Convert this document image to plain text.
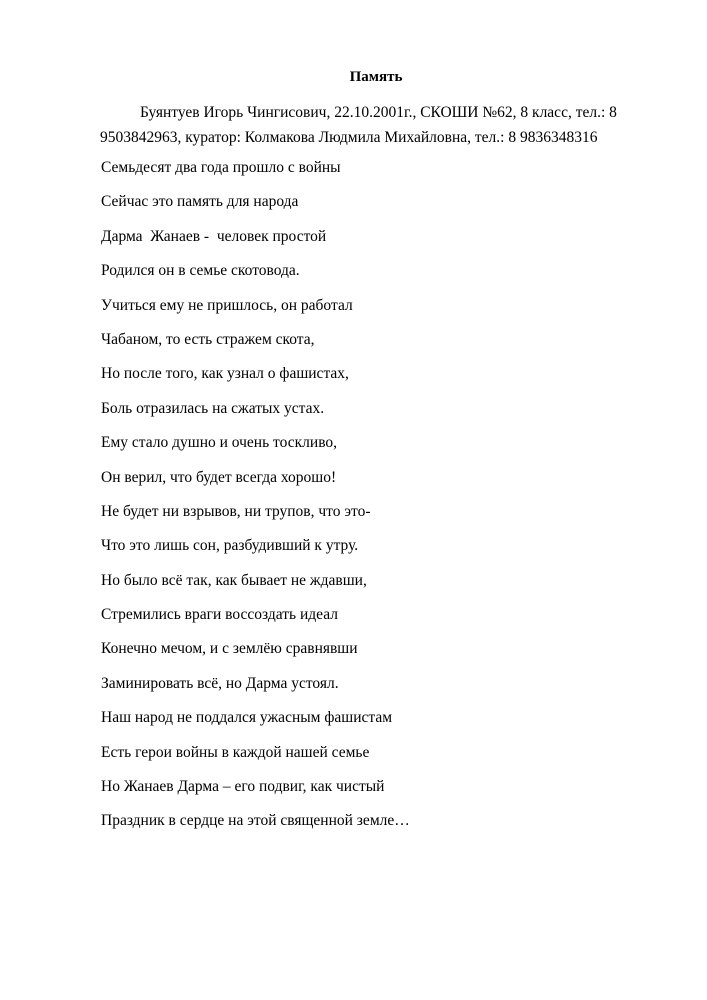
Память
Буянтуев Игорь Чингисович, 22.10.2001г., СКОШИ №62, 8 класс, тел.: 8 9503842963, куратор: Колмакова Людмила Михайловна, тел.: 8 9836348316
Семьдесят два года прошло с войны
Сейчас это память для народа
Дарма  Жанаев -  человек простой
Родился он в семье скотовода.
Учиться ему не пришлось, он работал
Чабаном, то есть стражем скота,
Но после того, как узнал о фашистах,
Боль отразилась на сжатых устах.
Ему стало душно и очень тоскливо,
Он верил, что будет всегда хорошо!
Не будет ни взрывов, ни трупов, что это-
Что это лишь сон, разбудивший к утру.
Но было всё так, как бывает не ждавши,
Стремились враги воссоздать идеал
Конечно мечом, и с землёю сравнявши
Заминировать всё, но Дарма устоял.
Наш народ не поддался ужасным фашистам
Есть герои войны в каждой нашей семье
Но Жанаев Дарма – его подвиг, как чистый
Праздник в сердце на этой священной земле…
